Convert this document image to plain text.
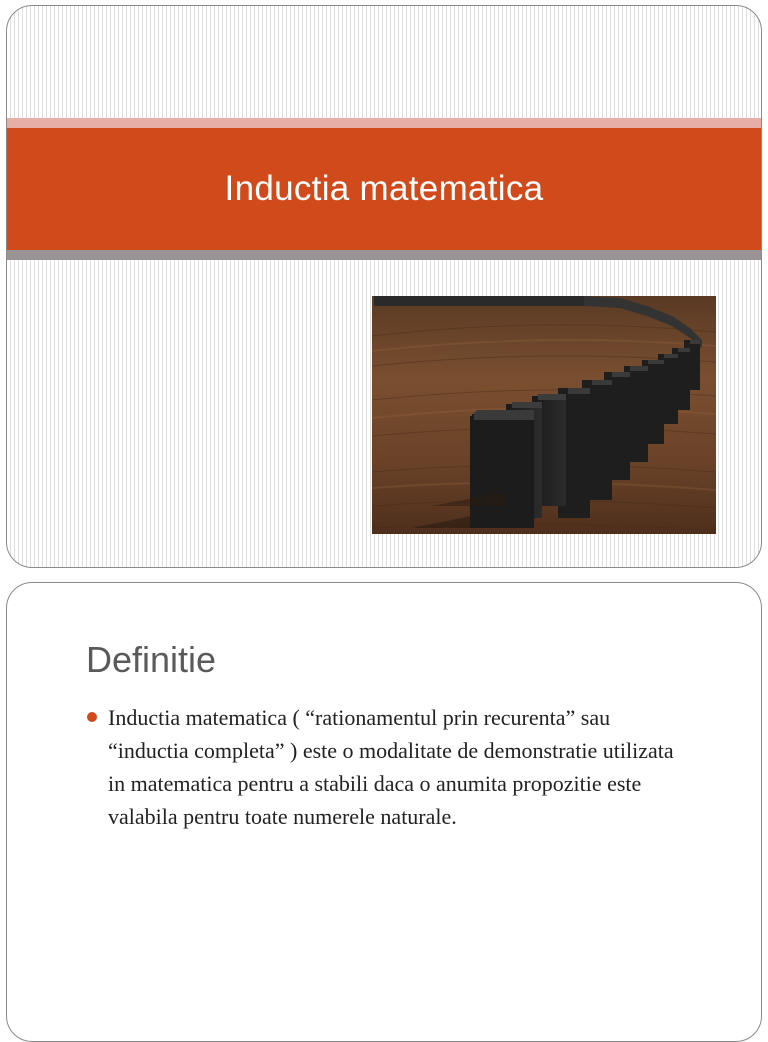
Inductia matematica
Definitie
Inductia matematica ( “rationamentul prin recurenta” sau “inductia completa” ) este o modalitate de demonstratie utilizata in matematica pentru a stabili daca o anumita propozitie este valabila pentru toate numerele naturale.
